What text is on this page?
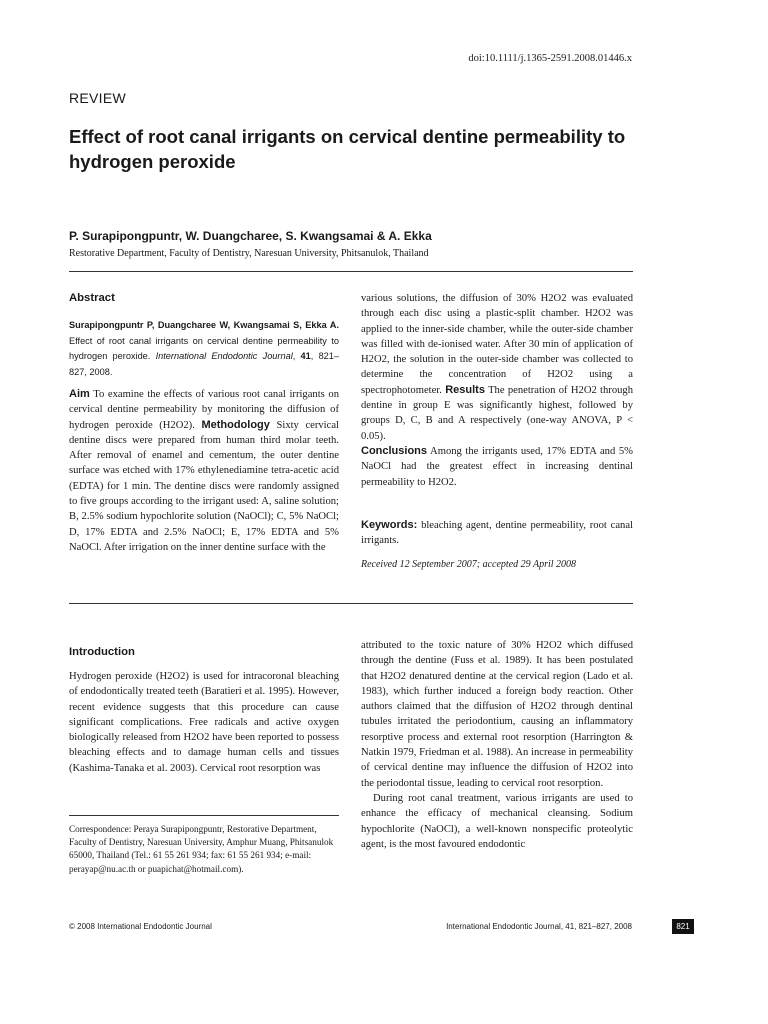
doi:10.1111/j.1365-2591.2008.01446.x
REVIEW
Effect of root canal irrigants on cervical dentine permeability to hydrogen peroxide
P. Surapipongpuntr, W. Duangcharee, S. Kwangsamai & A. Ekka
Restorative Department, Faculty of Dentistry, Naresuan University, Phitsanulok, Thailand
Abstract

Surapipongpuntr P, Duangcharee W, Kwangsamai S, Ekka A. Effect of root canal irrigants on cervical dentine permeability to hydrogen peroxide. International Endodontic Journal, 41, 821–827, 2008.

Aim To examine the effects of various root canal irrigants on cervical dentine permeability by monitoring the diffusion of hydrogen peroxide (H2O2). Methodology Sixty cervical dentine discs were prepared from human third molar teeth. After removal of enamel and cementum, the outer dentine surface was etched with 17% ethylenediamine tetra-acetic acid (EDTA) for 1 min. The dentine discs were randomly assigned to five groups according to the irrigant used: A, saline solution; B, 2.5% sodium hypochlorite solution (NaOCl); C, 5% NaOCl; D, 17% EDTA and 2.5% NaOCl; E, 17% EDTA and 5% NaOCl. After irrigation on the inner dentine surface with the
various solutions, the diffusion of 30% H2O2 was evaluated through each disc using a plastic-split chamber. H2O2 was applied to the inner-side chamber, while the outer-side chamber was filled with de-ionised water. After 30 min of application of H2O2, the solution in the outer-side chamber was collected to determine the concentration of H2O2 using a spectrophotometer. Results The penetration of H2O2 through dentine in group E was significantly highest, followed by groups D, C, B and A respectively (one-way ANOVA, P < 0.05).
Conclusions Among the irrigants used, 17% EDTA and 5% NaOCl had the greatest effect in increasing dentinal permeability to H2O2.
Keywords: bleaching agent, dentine permeability, root canal irrigants.
Received 12 September 2007; accepted 29 April 2008
Introduction

Hydrogen peroxide (H2O2) is used for intracoronal bleaching of endodontically treated teeth (Baratieri et al. 1995). However, recent evidence suggests that this procedure can cause significant complications. Free radicals and active oxygen biologically released from H2O2 have been reported to possess bleaching effects and to damage human cells and tissues (Kashima-Tanaka et al. 2003). Cervical root resorption was

Correspondence: Peraya Surapipongpuntr, Restorative Department, Faculty of Dentistry, Naresuan University, Amphur Muang, Phitsanulok 65000, Thailand (Tel.: 61 55 261 934; fax: 61 55 261 934; e-mail: perayap@nu.ac.th or puapichat@hotmail.com).

attributed to the toxic nature of 30% H2O2 which diffused through the dentine (Fuss et al. 1989). It has been postulated that H2O2 denatured dentine at the cervical region (Lado et al. 1983), which further induced a foreign body reaction. Other authors claimed that the diffusion of H2O2 through dentinal tubules irritated the periodontium, causing an inflammatory resorptive process and external root resorption (Harrington & Natkin 1979, Friedman et al. 1988). An increase in permeability of cervical dentine may influence the diffusion of H2O2 into the periodontal tissue, leading to cervical root resorption.

During root canal treatment, various irrigants are used to enhance the efficacy of mechanical cleansing. Sodium hypochlorite (NaOCl), a well-known nonspecific proteolytic agent, is the most favoured endodontic

© 2008 International Endodontic Journal	International Endodontic Journal, 41, 821–827, 2008	821
